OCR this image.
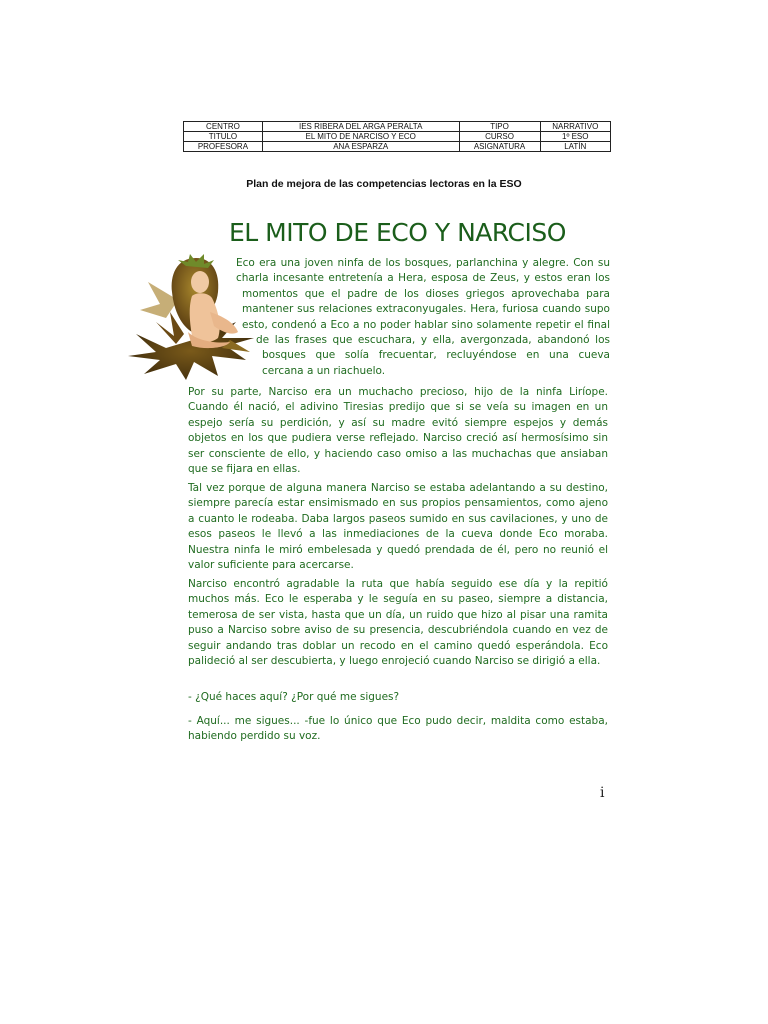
CENTRO	IES RIBERA DEL ARGA PERALTA	TIPO	NARRATIVO
TITULO	EL MITO DE NARCISO Y ECO	CURSO	1º ESO
PROFESORA	ANA ESPARZA	ASIGNATURA	LATÍN
Plan de mejora de las competencias lectoras en la ESO
EL MITO DE ECO Y NARCISO
Eco era una joven ninfa de los bosques, parlanchina y alegre. Con su charla incesante entretenía a Hera, esposa de Zeus, y estos eran los momentos que el padre de los dioses griegos aprovechaba para mantener sus relaciones extraconyugales. Hera, furiosa cuando supo esto, condenó a Eco a no poder hablar sino solamente repetir el final de las frases que escuchara, y ella, avergonzada, abandonó los bosques que solía frecuentar, recluyéndose en una cueva cercana a un riachuelo.

Por su parte, Narciso era un muchacho precioso, hijo de la ninfa Liríope. Cuando él nació, el adivino Tiresias predijo que si se veía su imagen en un espejo sería su perdición, y así su madre evitó siempre espejos y demás objetos en los que pudiera verse reflejado. Narciso creció así hermosísimo sin ser consciente de ello, y haciendo caso omiso a las muchachas que ansiaban que se fijara en ellas.

Tal vez porque de alguna manera Narciso se estaba adelantando a su destino, siempre parecía estar ensimismado en sus propios pensamientos, como ajeno a cuanto le rodeaba. Daba largos paseos sumido en sus cavilaciones, y uno de esos paseos le llevó a las inmediaciones de la cueva donde Eco moraba. Nuestra ninfa le miró embelesada y quedó prendada de él, pero no reunió el valor suficiente para acercarse.

Narciso encontró agradable la ruta que había seguido ese día y la repitió muchos más. Eco le esperaba y le seguía en su paseo, siempre a distancia, temerosa de ser vista, hasta que un día, un ruido que hizo al pisar una ramita puso a Narciso sobre aviso de su presencia, descubriéndola cuando en vez de seguir andando tras doblar un recodo en el camino quedó esperándola. Eco palideció al ser descubierta, y luego enrojeció cuando Narciso se dirigió a ella.

- ¿Qué haces aquí? ¿Por qué me sigues?

- Aquí... me sigues... -fue lo único que Eco pudo decir, maldita como estaba, habiendo perdido su voz.

i
